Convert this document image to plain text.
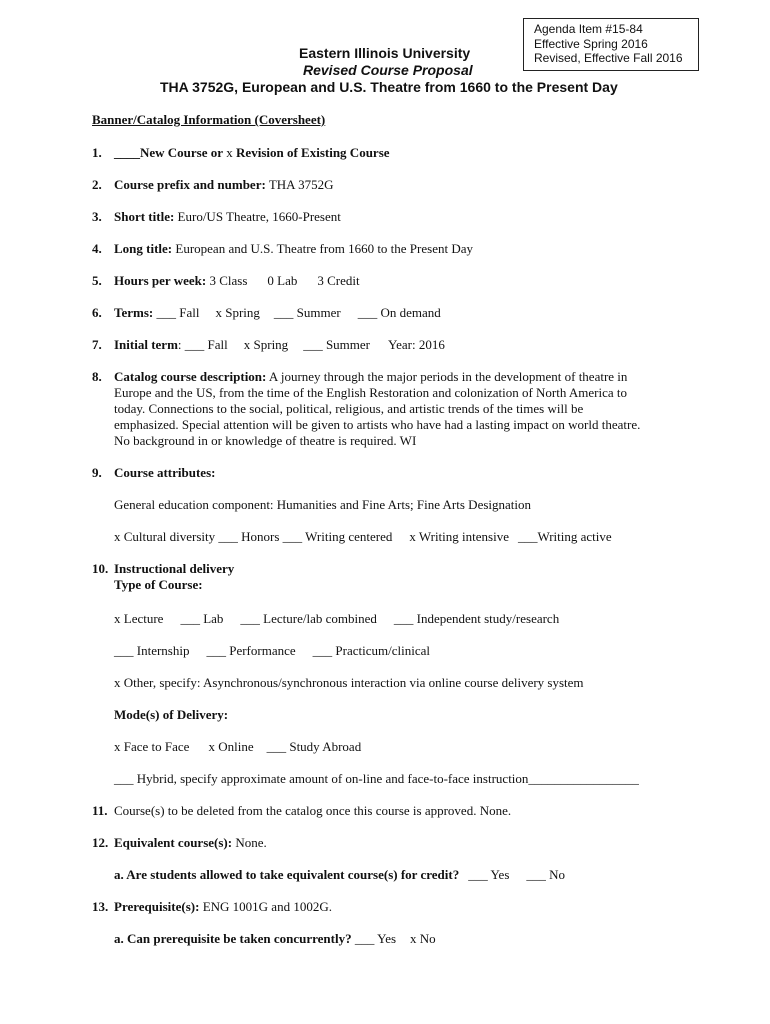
Agenda Item #15-84
Effective Spring 2016
Revised, Effective Fall 2016
Eastern Illinois University
Revised Course Proposal
THA 3752G, European and U.S. Theatre from 1660 to the Present Day
Banner/Catalog Information (Coversheet)
1. ____New Course or x Revision of Existing Course
2. Course prefix and number: THA 3752G
3. Short title: Euro/US Theatre, 1660-Present
4. Long title: European and U.S. Theatre from 1660 to the Present Day
5. Hours per week: 3 Class 0 Lab 3 Credit
6. Terms: ___ Fall x Spring ___ Summer ___ On demand
7. Initial term: ___ Fall x Spring ___ Summer Year: 2016
8. Catalog course description: A journey through the major periods in the development of theatre in
Europe and the US, from the time of the English Restoration and colonization of North America to
today. Connections to the social, political, religious, and artistic trends of the times will be
emphasized. Special attention will be given to artists who have had a lasting impact on world theatre.
No background in or knowledge of theatre is required. WI
9. Course attributes:
General education component: Humanities and Fine Arts; Fine Arts Designation
x Cultural diversity ___ Honors ___ Writing centered x Writing intensive ___Writing active
10. Instructional delivery
Type of Course:
x Lecture ___ Lab ___ Lecture/lab combined ___ Independent study/research
___ Internship ___ Performance ___ Practicum/clinical
x Other, specify: Asynchronous/synchronous interaction via online course delivery system
Mode(s) of Delivery:
x Face to Face x Online ___ Study Abroad
___ Hybrid, specify approximate amount of on-line and face-to-face instruction_________________
11. Course(s) to be deleted from the catalog once this course is approved. None.
12. Equivalent course(s): None.
a. Are students allowed to take equivalent course(s) for credit? ___ Yes ___ No
13. Prerequisite(s): ENG 1001G and 1002G.
a. Can prerequisite be taken concurrently? ___ Yes x No
